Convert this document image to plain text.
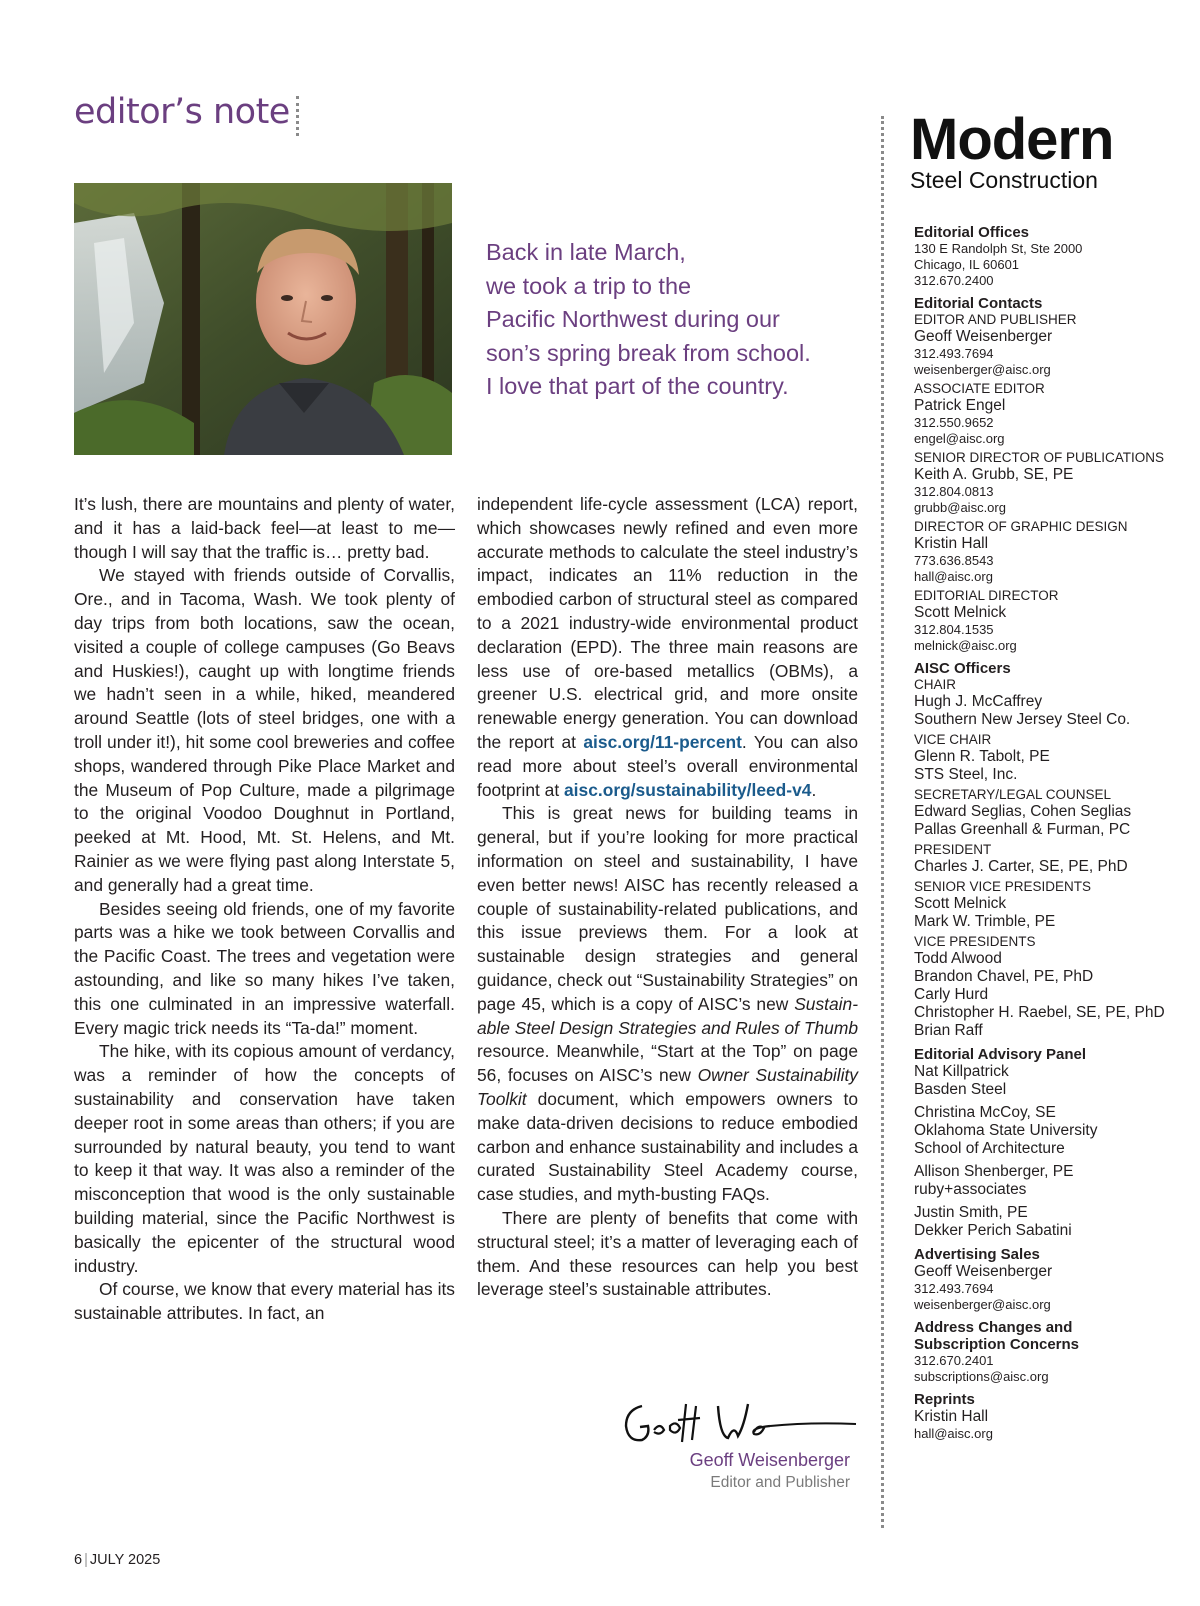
editor’s note
Back in late March,
we took a trip to the
Pacific Northwest during our
son’s spring break from school.
I love that part of the country.

It’s lush, there are mountains and plenty of water, and it has a laid-back feel—at least to me—though I will say that the traffic is… pretty bad.

We stayed with friends outside of Corvallis, Ore., and in Tacoma, Wash. We took plenty of day trips from both locations, saw the ocean, visited a couple of college campuses (Go Beavs and Huskies!), caught up with longtime friends we hadn’t seen in a while, hiked, meandered around Seattle (lots of steel bridges, one with a troll under it!), hit some cool breweries and coffee shops, wandered through Pike Place Market and the Museum of Pop Culture, made a pilgrimage to the original Voodoo Doughnut in Portland, peeked at Mt. Hood, Mt. St. Helens, and Mt. Rainier as we were flying past along Interstate 5, and generally had a great time.

Besides seeing old friends, one of my favorite parts was a hike we took between Corvallis and the Pacific Coast. The trees and vegetation were astounding, and like so many hikes I’ve taken, this one culminated in an impressive waterfall. Every magic trick needs its “Ta-da!” moment.

The hike, with its copious amount of verdancy, was a reminder of how the concepts of sustainability and conservation have taken deeper root in some areas than others; if you are surrounded by natural beauty, you tend to want to keep it that way. It was also a reminder of the misconception that wood is the only sustainable building material, since the Pacific Northwest is basically the epicenter of the structural wood industry.

Of course, we know that every material has its sustainable attributes. In fact, an

independent life-cycle assessment (LCA) report, which showcases newly refined and even more accurate methods to calculate the steel industry’s impact, indicates an 11% reduction in the embodied carbon of structural steel as compared to a 2021 industry-wide environmental product declaration (EPD). The three main reasons are less use of ore-based metallics (OBMs), a greener U.S. electrical grid, and more onsite renewable energy generation. You can download the report at aisc.org/11-percent. You can also read more about steel’s overall environmental footprint at aisc.org/sustainability/leed-v4.

This is great news for building teams in general, but if you’re looking for more practical information on steel and sustainability, I have even better news! AISC has recently released a couple of sustainability-related publications, and this issue previews them. For a look at sustainable design strategies and general guidance, check out “Sustainability Strategies” on page 45, which is a copy of AISC’s new Sustainable Steel Design Strategies and Rules of Thumb resource. Meanwhile, “Start at the Top” on page 56, focuses on AISC’s new Owner Sustainability Toolkit document, which empowers owners to make data-driven decisions to reduce embodied carbon and enhance sustainability and includes a curated Sustainability Steel Academy course, case studies, and myth-busting FAQs.

There are plenty of benefits that come with structural steel; it’s a matter of leveraging each of them. And these resources can help you best leverage steel’s sustainable attributes.

Geoff Weisenberger
Editor and Publisher
6 | JULY 2025
Modern
Steel Construction
Editorial Offices
130 E Randolph St, Ste 2000
Chicago, IL 60601
312.670.2400
Editorial Contacts
EDITOR AND PUBLISHER
Geoff Weisenberger
312.493.7694
weisenberger@aisc.org
ASSOCIATE EDITOR
Patrick Engel
312.550.9652
engel@aisc.org
SENIOR DIRECTOR OF PUBLICATIONS
Keith A. Grubb, SE, PE
312.804.0813
grubb@aisc.org
DIRECTOR OF GRAPHIC DESIGN
Kristin Hall
773.636.8543
hall@aisc.org
EDITORIAL DIRECTOR
Scott Melnick
312.804.1535
melnick@aisc.org
AISC Officers
CHAIR
Hugh J. McCaffrey
Southern New Jersey Steel Co.
VICE CHAIR
Glenn R. Tabolt, PE
STS Steel, Inc.
SECRETARY/LEGAL COUNSEL
Edward Seglias, Cohen Seglias
Pallas Greenhall & Furman, PC
PRESIDENT
Charles J. Carter, SE, PE, PhD
SENIOR VICE PRESIDENTS
Scott Melnick
Mark W. Trimble, PE
VICE PRESIDENTS
Todd Alwood
Brandon Chavel, PE, PhD
Carly Hurd
Christopher H. Raebel, SE, PE, PhD
Brian Raff
Editorial Advisory Panel
Nat Killpatrick
Basden Steel
Christina McCoy, SE
Oklahoma State University
School of Architecture
Allison Shenberger, PE
ruby+associates
Justin Smith, PE
Dekker Perich Sabatini
Advertising Sales
Geoff Weisenberger
312.493.7694
weisenberger@aisc.org
Address Changes and
Subscription Concerns
312.670.2401
subscriptions@aisc.org
Reprints
Kristin Hall
hall@aisc.org
